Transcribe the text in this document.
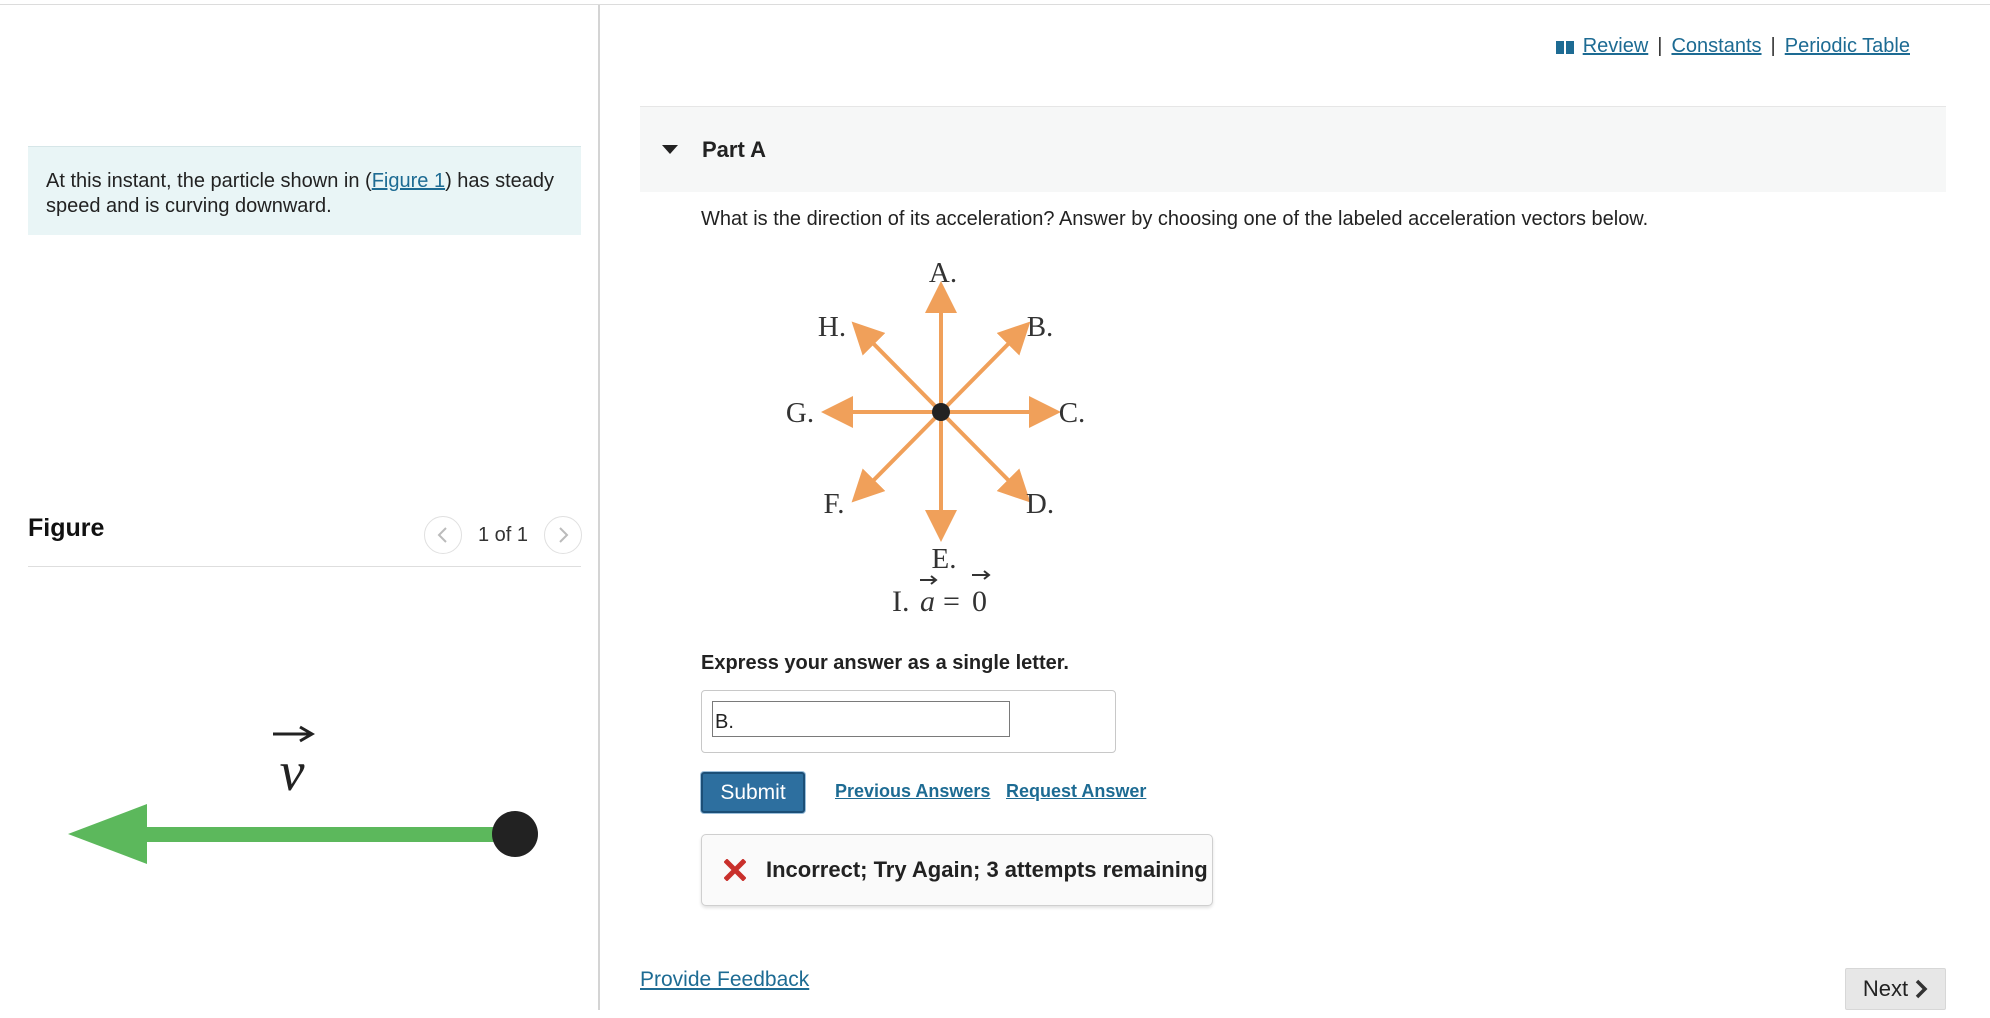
At this instant, the particle shown in (Figure 1) has steady speed and is curving downward.
Figure	1 of 1
v
Review | Constants | Periodic Table
Part A
What is the direction of its acceleration? Answer by choosing one of the labeled acceleration vectors below.
A.
B.
C.
D.
E.
F.
G.
H.
I. a = 0
Express your answer as a single letter.
B.
Submit	Previous Answers Request Answer
Incorrect; Try Again; 3 attempts remaining
Provide Feedback	Next
